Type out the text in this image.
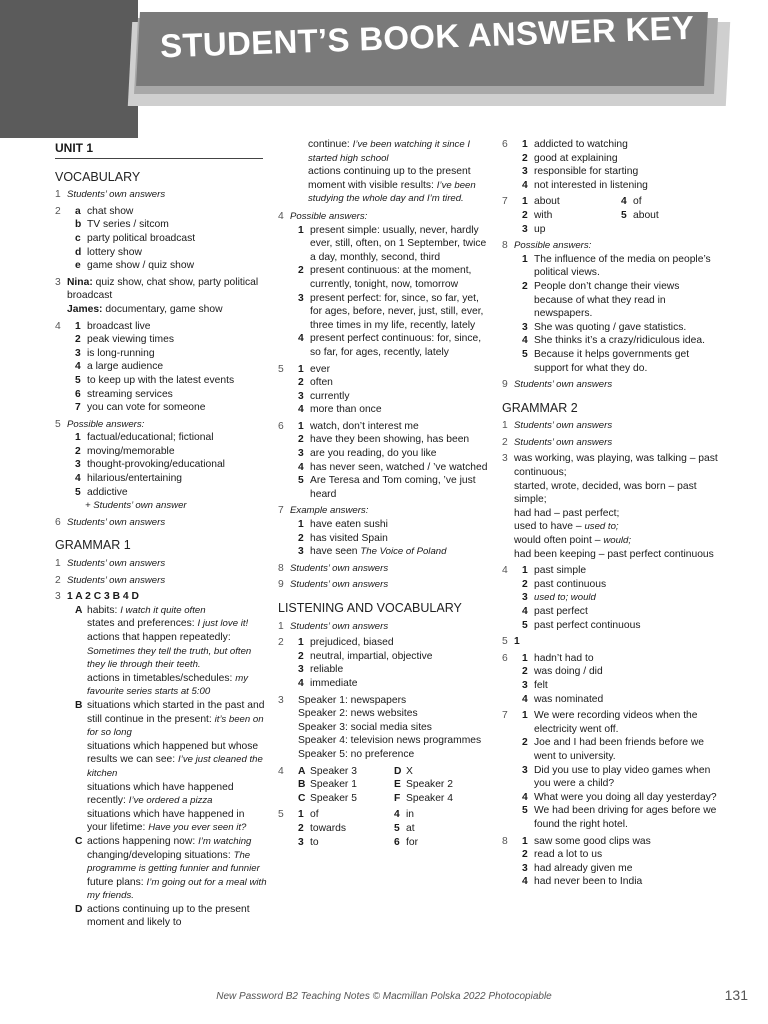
STUDENT’S BOOK ANSWER KEY
UNIT 1
VOCABULARY
1 Students’ own answers
2 a chat show
b TV series / sitcom
c party political broadcast
d lottery show
e game show / quiz show
3 Nina: quiz show, chat show, party political broadcast
James: documentary, game show
4 1 broadcast live
2 peak viewing times
3 is long-running
4 a large audience
5 to keep up with the latest events
6 streaming services
7 you can vote for someone
5 Possible answers:
1 factual/educational; fictional
2 moving/memorable
3 thought-provoking/educational
4 hilarious/entertaining
5 addictive
+ Students’ own answer
6 Students’ own answers
GRAMMAR 1
1 Students’ own answers
2 Students’ own answers
3 1 A 2 C 3 B 4 D
A habits: I watch it quite often
states and preferences: I just love it!
actions that happen repeatedly: Sometimes they tell the truth, but often they lie through their teeth.
actions in timetables/schedules: my favourite series starts at 5:00
B situations which started in the past and still continue in the present: it’s been on for so long
situations which happened but whose results we can see: I’ve just cleaned the kitchen
situations which have happened recently: I’ve ordered a pizza
situations which have happened in your lifetime: Have you ever seen it?
C actions happening now: I’m watching
changing/developing situations: The programme is getting funnier and funnier
future plans: I’m going out for a meal with my friends.
D actions continuing up to the present moment and likely to
continue: I’ve been watching it since I started high school
actions continuing up to the present moment with visible results: I’ve been studying the whole day and I’m tired.
4 Possible answers:
1 present simple: usually, never, hardly ever, still, often, on 1 September, twice a day, monthly, second, third
2 present continuous: at the moment, currently, tonight, now, tomorrow
3 present perfect: for, since, so far, yet, for ages, before, never, just, still, ever, three times in my life, recently, lately
4 present perfect continuous: for, since, so far, for ages, recently, lately
5 1 ever
2 often
3 currently
4 more than once
6 1 watch, don’t interest me
2 have they been showing, has been
3 are you reading, do you like
4 has never seen, watched / ’ve watched
5 Are Teresa and Tom coming, ’ve just heard
7 Example answers:
1 have eaten sushi
2 has visited Spain
3 have seen The Voice of Poland
8 Students’ own answers
9 Students’ own answers
LISTENING AND VOCABULARY
1 Students’ own answers
2 1 prejudiced, biased
2 neutral, impartial, objective
3 reliable
4 immediate
3 Speaker 1: newspapers
Speaker 2: news websites
Speaker 3: social media sites
Speaker 4: television news programmes
Speaker 5: no preference
4 A Speaker 3	D X
B Speaker 1	E Speaker 2
C Speaker 5	F Speaker 4
5 1 of	4 in
2 towards	5 at
3 to	6 for
6 1 addicted to watching
2 good at explaining
3 responsible for starting
4 not interested in listening
7 1 about	4 of
2 with	5 about
3 up
8 Possible answers:
1 The influence of the media on people’s political views.
2 People don’t change their views because of what they read in newspapers.
3 She was quoting / gave statistics.
4 She thinks it’s a crazy/ridiculous idea.
5 Because it helps governments get support for what they do.
9 Students’ own answers
GRAMMAR 2
1 Students’ own answers
2 Students’ own answers
3 was working, was playing, was talking – past continuous;
started, wrote, decided, was born – past simple;
had had – past perfect;
used to have – used to;
would often point – would;
had been keeping – past perfect continuous
4 1 past simple
2 past continuous
3 used to; would
4 past perfect
5 past perfect continuous
5 1
6 1 hadn’t had to
2 was doing / did
3 felt
4 was nominated
7 1 We were recording videos when the electricity went off.
2 Joe and I had been friends before we went to university.
3 Did you use to play video games when you were a child?
4 What were you doing all day yesterday?
5 We had been driving for ages before we found the right hotel.
8 1 saw some good clips was
2 read a lot to us
3 had already given me
4 had never been to India
New Password B2 Teaching Notes © Macmillan Polska 2022 Photocopiable	131
